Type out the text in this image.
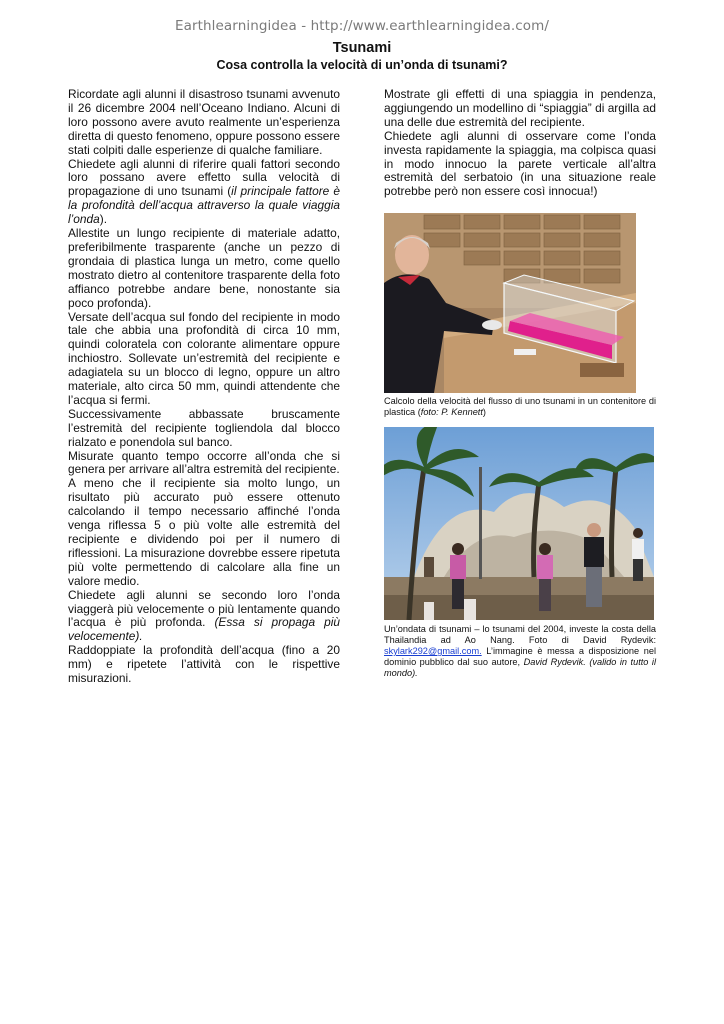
Earthlearningidea - http://www.earthlearningidea.com/
Tsunami
Cosa controlla la velocità di un’onda di tsunami?

Ricordate agli alunni il disastroso tsunami avvenuto il 26 dicembre 2004 nell’Oceano Indiano. Alcuni di loro possono avere avuto realmente un’esperienza diretta di questo fenomeno, oppure possono essere stati colpiti dalle esperienze di qualche familiare.

Chiedete agli alunni di riferire quali fattori secondo loro possano avere effetto sulla velocità di propagazione di uno tsunami (il principale fattore è la profondità dell’acqua attraverso la quale viaggia l’onda).

Allestite un lungo recipiente di materiale adatto, preferibilmente trasparente (anche un pezzo di grondaia di plastica lunga un metro, come quello mostrato dietro al contenitore trasparente della foto affianco potrebbe andare bene, nonostante sia poco profonda).

Versate dell’acqua sul fondo del recipiente in modo tale che abbia una profondità di circa 10 mm, quindi coloratela con colorante alimentare oppure inchiostro. Sollevate un’estremità del recipiente e adagiatela su un blocco di legno, oppure un altro materiale, alto circa 50 mm, quindi attendente che l’acqua si fermi.

Successivamente abbassate bruscamente l’estremità del recipiente togliendola dal blocco rialzato e ponendola sul banco.

Misurate quanto tempo occorre all’onda che si genera per arrivare all’altra estremità del recipiente.

A meno che il recipiente sia molto lungo, un risultato più accurato può essere ottenuto calcolando il tempo necessario affinché l’onda venga riflessa 5 o più volte alle estremità del recipiente e dividendo poi per il numero di riflessioni. La misurazione dovrebbe essere ripetuta più volte permettendo di calcolare alla fine un valore medio.

Chiedete agli alunni se secondo loro l’onda viaggerà più velocemente o più lentamente quando l’acqua è più profonda. (Essa si propaga più velocemente).

Raddoppiate la profondità dell’acqua (fino a 20 mm) e ripetete l’attività con le rispettive misurazioni.

Mostrate gli effetti di una spiaggia in pendenza, aggiungendo un modellino di “spiaggia” di argilla ad una delle due estremità del recipiente.

Chiedete agli alunni di osservare come l’onda investa rapidamente la spiaggia, ma colpisca quasi in modo innocuo la parete verticale all’altra estremità del serbatoio (in una situazione reale potrebbe però non essere così innocua!)

Calcolo della velocità del flusso di uno tsunami in un contenitore di plastica (foto: P. Kennett)
Un’ondata di tsunami – lo tsunami del 2004, investe la costa della Thailandia ad Ao Nang. Foto di David Rydevik: skylark292@gmail.com. L’immagine è messa a disposizione nel dominio pubblico dal suo autore, David Rydevik. (valido in tutto il mondo).
